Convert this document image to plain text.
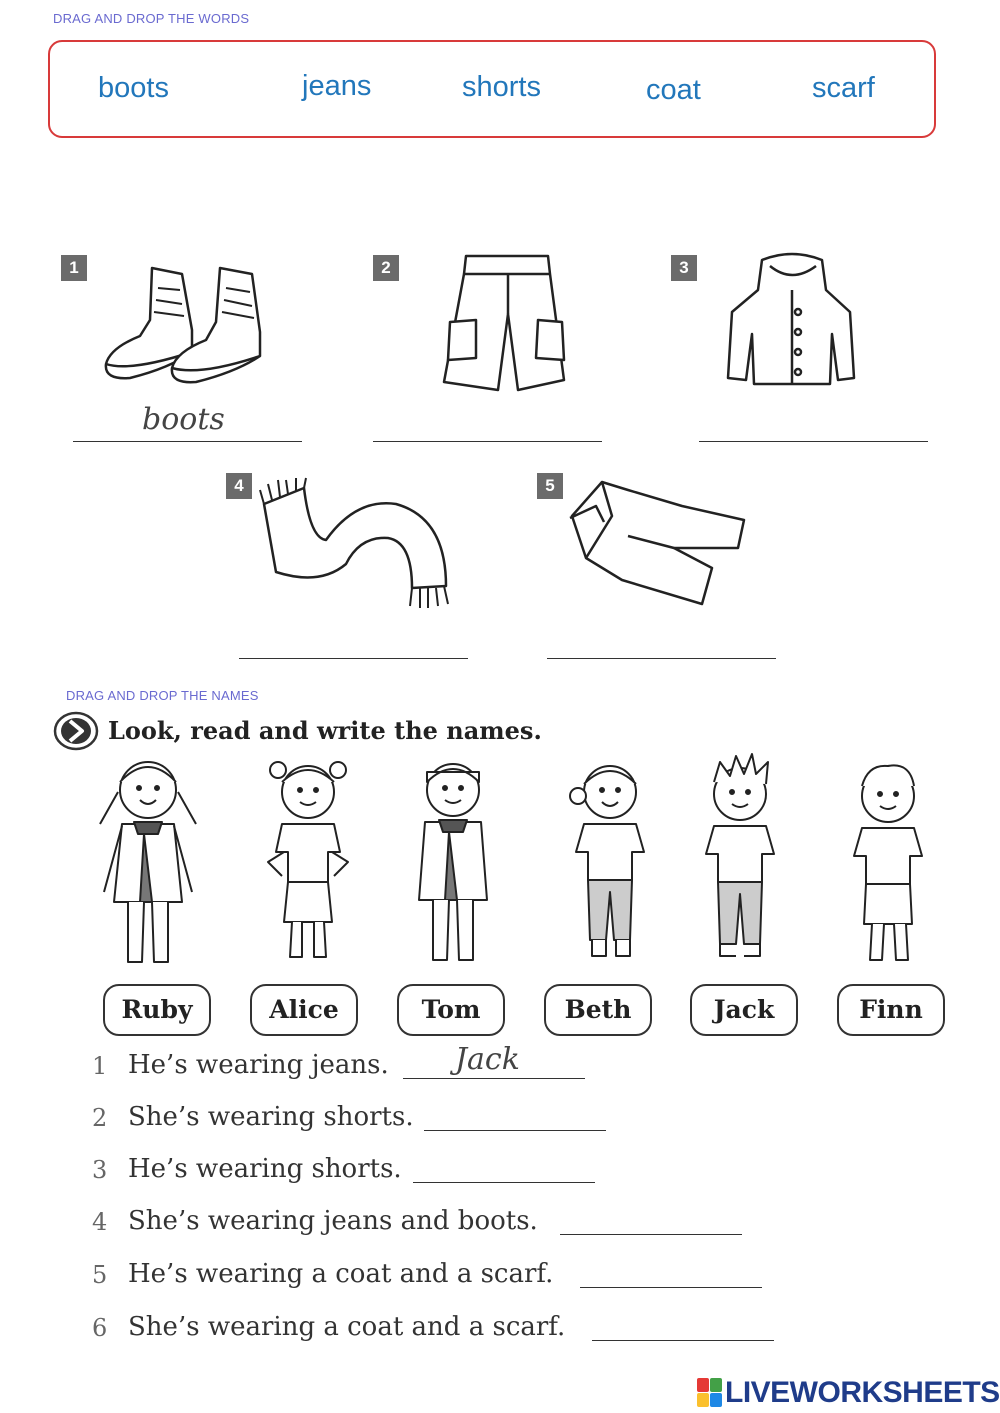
DRAG AND DROP THE WORDS
boots	jeans	shorts	coat	scarf
1
boots
2	3
4	5
DRAG AND DROP THE NAMES
Look, read and write the names.
Ruby	Alice	Tom	Beth	Jack	Finn
1 He’s wearing jeans. Jack
2 She’s wearing shorts.
3 He’s wearing shorts.
4 She’s wearing jeans and boots.
5 He’s wearing a coat and a scarf.
6 She’s wearing a coat and a scarf.
LIVEWORKSHEETS
